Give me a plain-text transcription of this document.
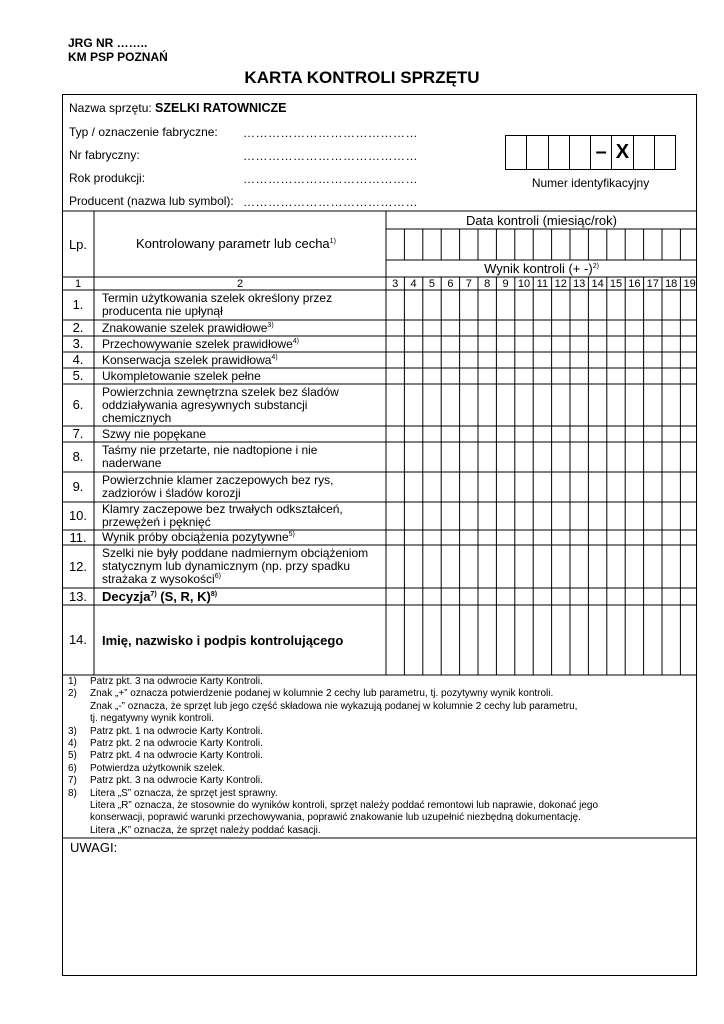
JRG NR ……..
KM PSP POZNAŃ
KARTA KONTROLI SPRZĘTU
Nazwa sprzętu: SZELKI RATOWNICZE
Typ / oznaczenie fabryczne: ……………………………………
Nr fabryczny:	……………………………………
Rok produkcji:	……………………………………
Producent (nazwa lub symbol): ……………………………………
– X
Numer identyfikacyjny
Lp.	Kontrolowany parametr lub cecha$^{1)}$
Data kontroli (miesiąc/rok)
Wynik kontroli (+ -)$^{2)}$
1	2	3	4	5	6	7	8	9 10 11 12 13 14 15 16 17 18 19
1.	Termin użytkowania szelek określony przez
producenta nie upłynął
2.	Znakowanie szelek prawidłowe$^{3)}$
3.	Przechowywanie szelek prawidłowe$^{4)}$
4.	Konserwacja szelek prawidłowa$^{4)}$
5.	Ukompletowanie szelek pełne
6.
Powierzchnia zewnętrzna szelek bez śladów
oddziaływania agresywnych substancji
chemicznych
7.	Szwy nie popękane
8.	Taśmy nie przetarte, nie nadtopione i nie
naderwane
9.	Powierzchnie klamer zaczepowych bez rys,
zadziorów i śladów korozji
10.	Klamry zaczepowe bez trwałych odkształceń,
przewężeń i pęknięć
11.	Wynik próby obciążenia pozytywne$^{5)}$
12.
Szelki nie były poddane nadmiernym obciążeniom
statycznym lub dynamicznym (np. przy spadku
strażaka z wysokości$^{6)}$
13.	Decyzja$^{7)}$ (S, R, K)$^{8)}$
14.	Imię, nazwisko i podpis kontrolującego
1)	Patrz pkt. 3 na odwrocie Karty Kontroli.
2)	Znak „+” oznacza potwierdzenie podanej w kolumnie 2 cechy lub parametru, tj. pozytywny wynik kontroli.
Znak „-” oznacza, że sprzęt lub jego część składowa nie wykazują podanej w kolumnie 2 cechy lub parametru,
tj. negatywny wynik kontroli.
3)	Patrz pkt. 1 na odwrocie Karty Kontroli.
4)	Patrz pkt. 2 na odwrocie Karty Kontroli.
5)	Patrz pkt. 4 na odwrocie Karty Kontroli.
6)	Potwierdza użytkownik szelek.
7)	Patrz pkt. 3 na odwrocie Karty Kontroli.
8)	Litera „S” oznacza, że sprzęt jest sprawny.
Litera „R” oznacza, że stosownie do wyników kontroli, sprzęt należy poddać remontowi lub naprawie, dokonać jego
konserwacji, poprawić warunki przechowywania, poprawić znakowanie lub uzupełnić niezbędną dokumentację.
Litera „K” oznacza, że sprzęt należy poddać kasacji.
UWAGI:
